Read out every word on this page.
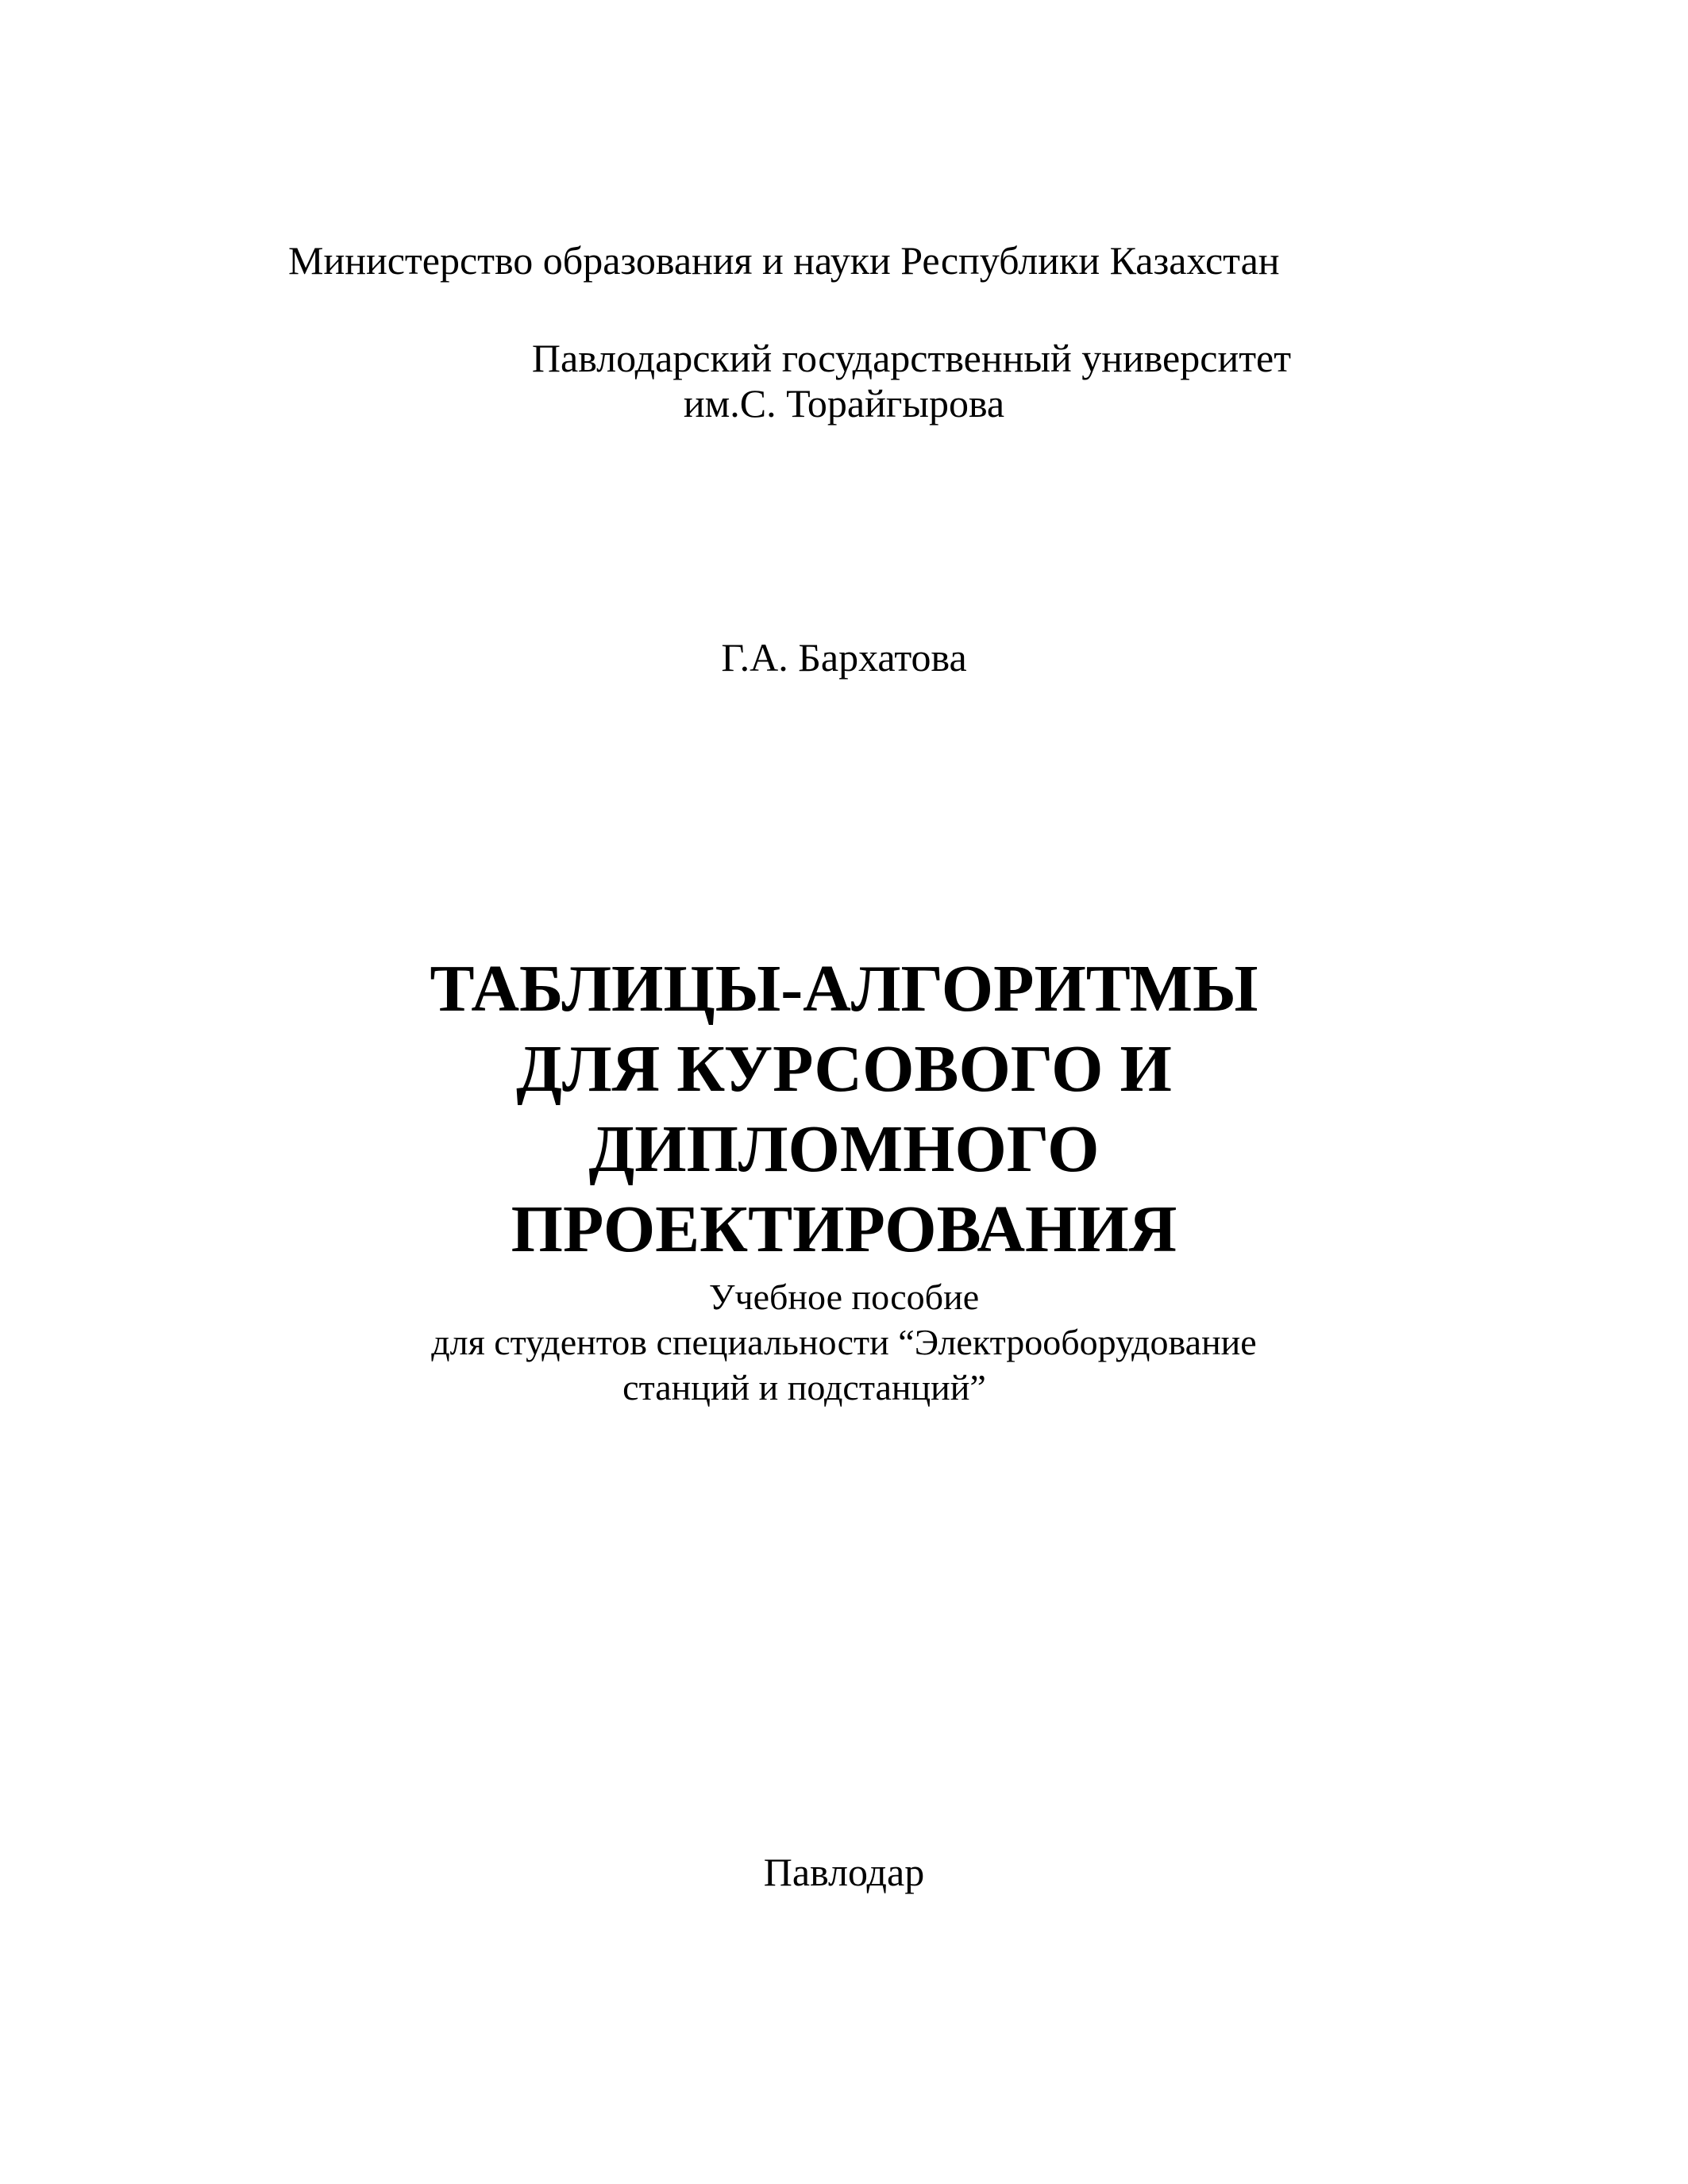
Министерство образования и науки Республики Казахстан

Павлодарский государственный университет
им.С. Торайгырова

Г.А. Бархатова

ТАБЛИЦЫ-АЛГОРИТМЫ
ДЛЯ КУРСОВОГО И
ДИПЛОМНОГО
ПРОЕКТИРОВАНИЯ
Учебное пособие
для студентов специальности “Электрооборудование
станций и подстанций”

Павлодар
